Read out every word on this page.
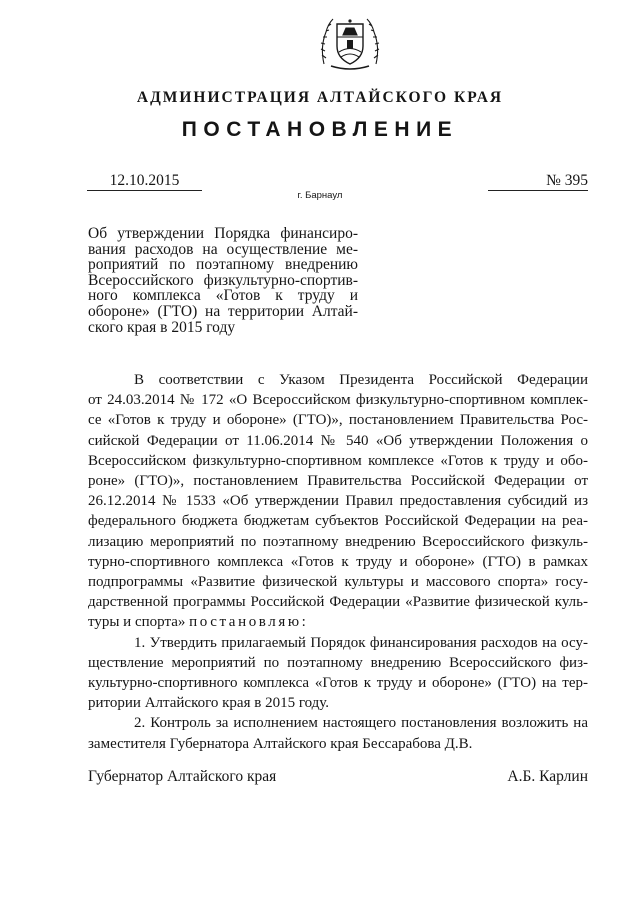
АДМИНИСТРАЦИЯ АЛТАЙСКОГО КРАЯ
ПОСТАНОВЛЕНИЕ
12.10.2015	№ 395
г. Барнаул
Об утверждении Порядка финансиро-
вания расходов на осуществление ме-
роприятий по поэтапному внедрению
Всероссийского физкультурно-спортив-
ного комплекса «Готов к труду и
обороне» (ГТО) на территории Алтай-
ского края в 2015 году
В соответствии с Указом Президента Российской Федерации
от 24.03.2014 № 172 «О Всероссийском физкультурно-спортивном комплек-
се «Готов к труду и обороне» (ГТО)», постановлением Правительства Рос-
сийской Федерации от 11.06.2014 № 540 «Об утверждении Положения о
Всероссийском физкультурно-спортивном комплексе «Готов к труду и обо-
роне» (ГТО)», постановлением Правительства Российской Федерации от
26.12.2014 № 1533 «Об утверждении Правил предоставления субсидий из
федерального бюджета бюджетам субъектов Российской Федерации на реа-
лизацию мероприятий по поэтапному внедрению Всероссийского физкуль-
турно-спортивного комплекса «Готов к труду и обороне» (ГТО) в рамках
подпрограммы «Развитие физической культуры и массового спорта» госу-
дарственной программы Российской Федерации «Развитие физической куль-
туры и спорта» постановляю:
1. Утвердить прилагаемый Порядок финансирования расходов на осу-
ществление мероприятий по поэтапному внедрению Всероссийского физ-
культурно-спортивного комплекса «Готов к труду и обороне» (ГТО) на тер-
ритории Алтайского края в 2015 году.
2. Контроль за исполнением настоящего постановления возложить на
заместителя Губернатора Алтайского края Бессарабова Д.В.
Губернатор Алтайского края	А.Б. Карлин
